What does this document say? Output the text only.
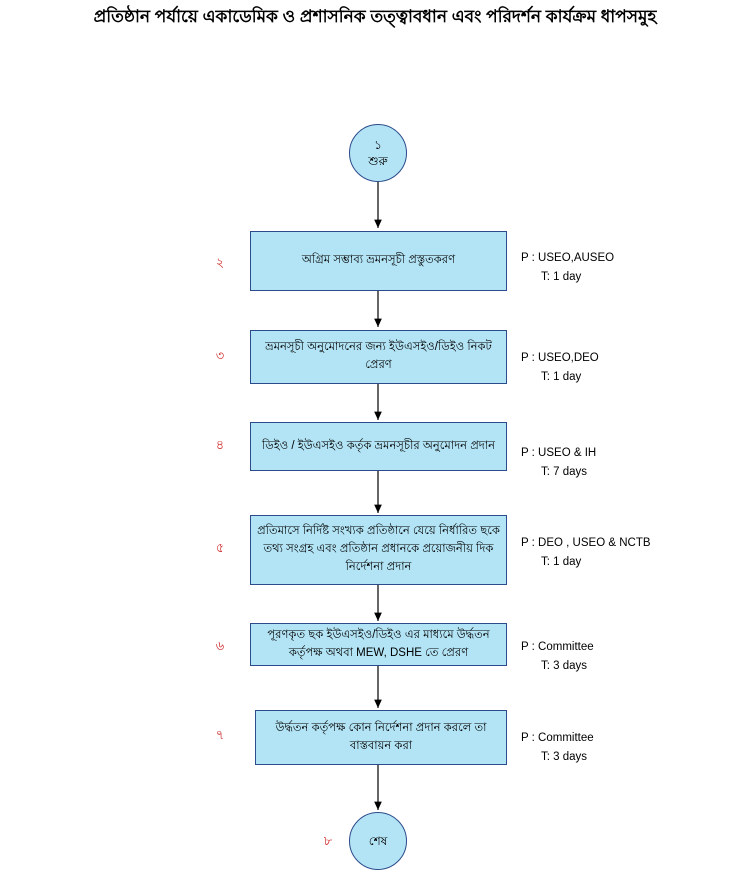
প্রতিষ্ঠান পর্যায়ে একাডেমিক ও প্রশাসনিক তত্ত্বাবধান এবং পরিদর্শন কার্যক্রম ধাপসমুহ
১
শুরু
২	অগ্রিম সম্ভাব্য ভ্রমনসূচী প্রস্তুতকরণ	P : USEO,AUSEO

T: 1 day

৩
ভ্রমনসূচী অনুমোদনের জন্য ইউএসইও/ডিইও নিকট প্রেরণ

P : USEO,DEO

T: 1 day

৪	ডিইও / ইউএসইও কর্তৃক ভ্রমনসূচীর অনুমোদন প্রদান

P : USEO & IH

T: 7 days

৫
প্রতিমাসে নির্দিষ্ট সংখ্যক প্রতিষ্ঠানে যেয়ে নির্ধারিত ছকে তথ্য সংগ্রহ এবং প্রতিষ্ঠান প্রধানকে প্রয়োজনীয় দিক নির্দেশনা প্রদান

P : DEO , USEO & NCTB

T: 1 day

৬
পূরণকৃত ছক ইউএসইও/ডিইও এর মাধ্যমে উর্দ্ধতন কর্তৃপক্ষ অথবা MEW, DSHE তে প্রেরণ	P : Committee

T: 3 days

৭	উর্দ্ধতন কর্তৃপক্ষ কোন নির্দেশনা প্রদান করলে তা বাস্তবায়ন করা

P : Committee

T: 3 days

৮	শেষ
